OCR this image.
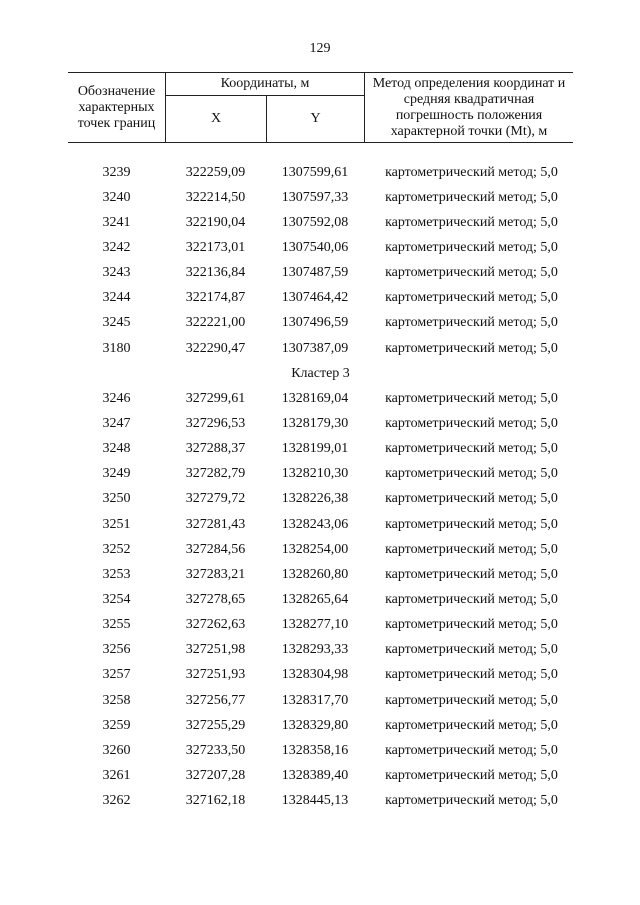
129
Обозначение характерных точек границ	Координаты, м		Метод определения координат и средняя квадратичная погрешность положения характерной точки (Mt), м
	X	Y	
3239	322259,09	1307599,61	картометрический метод; 5,0
3240	322214,50	1307597,33	картометрический метод; 5,0
3241	322190,04	1307592,08	картометрический метод; 5,0
3242	322173,01	1307540,06	картометрический метод; 5,0
3243	322136,84	1307487,59	картометрический метод; 5,0
3244	322174,87	1307464,42	картометрический метод; 5,0
3245	322221,00	1307496,59	картометрический метод; 5,0
3180	322290,47	1307387,09	картометрический метод; 5,0
Кластер 3
3246	327299,61	1328169,04	картометрический метод; 5,0
3247	327296,53	1328179,30	картометрический метод; 5,0
3248	327288,37	1328199,01	картометрический метод; 5,0
3249	327282,79	1328210,30	картометрический метод; 5,0
3250	327279,72	1328226,38	картометрический метод; 5,0
3251	327281,43	1328243,06	картометрический метод; 5,0
3252	327284,56	1328254,00	картометрический метод; 5,0
3253	327283,21	1328260,80	картометрический метод; 5,0
3254	327278,65	1328265,64	картометрический метод; 5,0
3255	327262,63	1328277,10	картометрический метод; 5,0
3256	327251,98	1328293,33	картометрический метод; 5,0
3257	327251,93	1328304,98	картометрический метод; 5,0
3258	327256,77	1328317,70	картометрический метод; 5,0
3259	327255,29	1328329,80	картометрический метод; 5,0
3260	327233,50	1328358,16	картометрический метод; 5,0
3261	327207,28	1328389,40	картометрический метод; 5,0
3262	327162,18	1328445,13	картометрический метод; 5,0
